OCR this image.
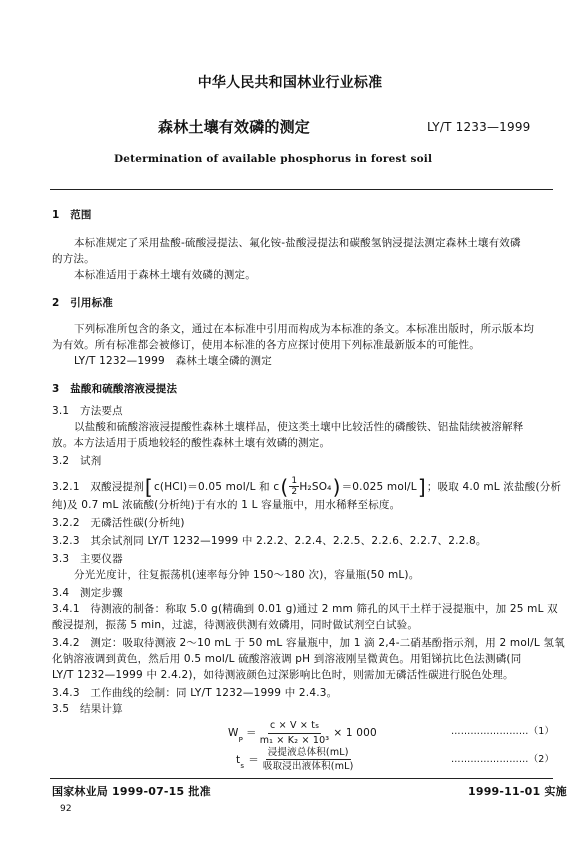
中华人民共和国林业行业标准
森林土壤有效磷的测定	LY/T 1233—1999
Determination of available phosphorus in forest soil
1　范围
本标准规定了采用盐酸-硫酸浸提法、氟化铵-盐酸浸提法和碳酸氢钠浸提法测定森林土壤有效磷
的方法。
本标准适用于森林土壤有效磷的测定。
2　引用标准
下列标准所包含的条文，通过在本标准中引用而构成为本标准的条文。本标准出版时，所示版本均
为有效。所有标准都会被修订，使用本标准的各方应探讨使用下列标准最新版本的可能性。
LY/T 1232—1999　森林土壤全磷的测定
3　盐酸和硫酸溶液浸提法
3.1　方法要点
以盐酸和硫酸溶液浸提酸性森林土壤样品，使这类土壤中比较活性的磷酸铁、铝盐陆续被溶解释
放。本方法适用于质地较轻的酸性森林土壤有效磷的测定。
3.2　试剂
3.2.1　双酸浸提剂 [ c(HCl)＝0.05 mol/L 和 c ( $\frac{1}{2} H_2SO_4$ ) ＝0.025 mol/L ] ；吸取 4.0 mL 浓盐酸(分析
纯)及 0.7 mL 浓硫酸(分析纯)于有水的 1 L 容量瓶中，用水稀释至标度。
3.2.2　无磷活性碳(分析纯)
3.2.3　其余试剂同 LY/T 1232—1999 中 2.2.2、2.2.4、2.2.5、2.2.6、2.2.7、2.2.8。
3.3　主要仪器
分光光度计，往复振荡机(速率每分钟 150～180 次)，容量瓶(50 mL)。
3.4　测定步骤
3.4.1　待测液的制备：称取 5.0 g(精确到 0.01 g)通过 2 mm 筛孔的风干土样于浸提瓶中，加 25 mL 双
酸浸提剂，振荡 5 min，过滤，待测液供测有效磷用，同时做试剂空白试验。
3.4.2　测定：吸取待测液 2～10 mL 于 50 mL 容量瓶中，加 1 滴 2,4-二硝基酚指示剂，用 2 mol/L 氢氧
化钠溶液调到黄色，然后用 0.5 mol/L 硫酸溶液调 pH 到溶液刚呈微黄色。用钼锑抗比色法测磷(同
LY/T 1232—1999 中 2.4.2)，如待测液颜色过深影响比色时，则需加无磷活性碳进行脱色处理。
3.4.3　工作曲线的绘制：同 LY/T 1232—1999 中 2.4.3。
3.5　结果计算
W
P
＝ $\frac{c \times V \times ts}{\text{m₁ × K₂ × 10³}} \times 1$ 000	……………………（1）
t
s
＝ $\frac{\text{浸提液总体积(mL)}}{\text{吸取浸出液体积(mL)}}$	……………………（2）
国家林业局 1999-07-15 批准	1999-11-01 实施
92
